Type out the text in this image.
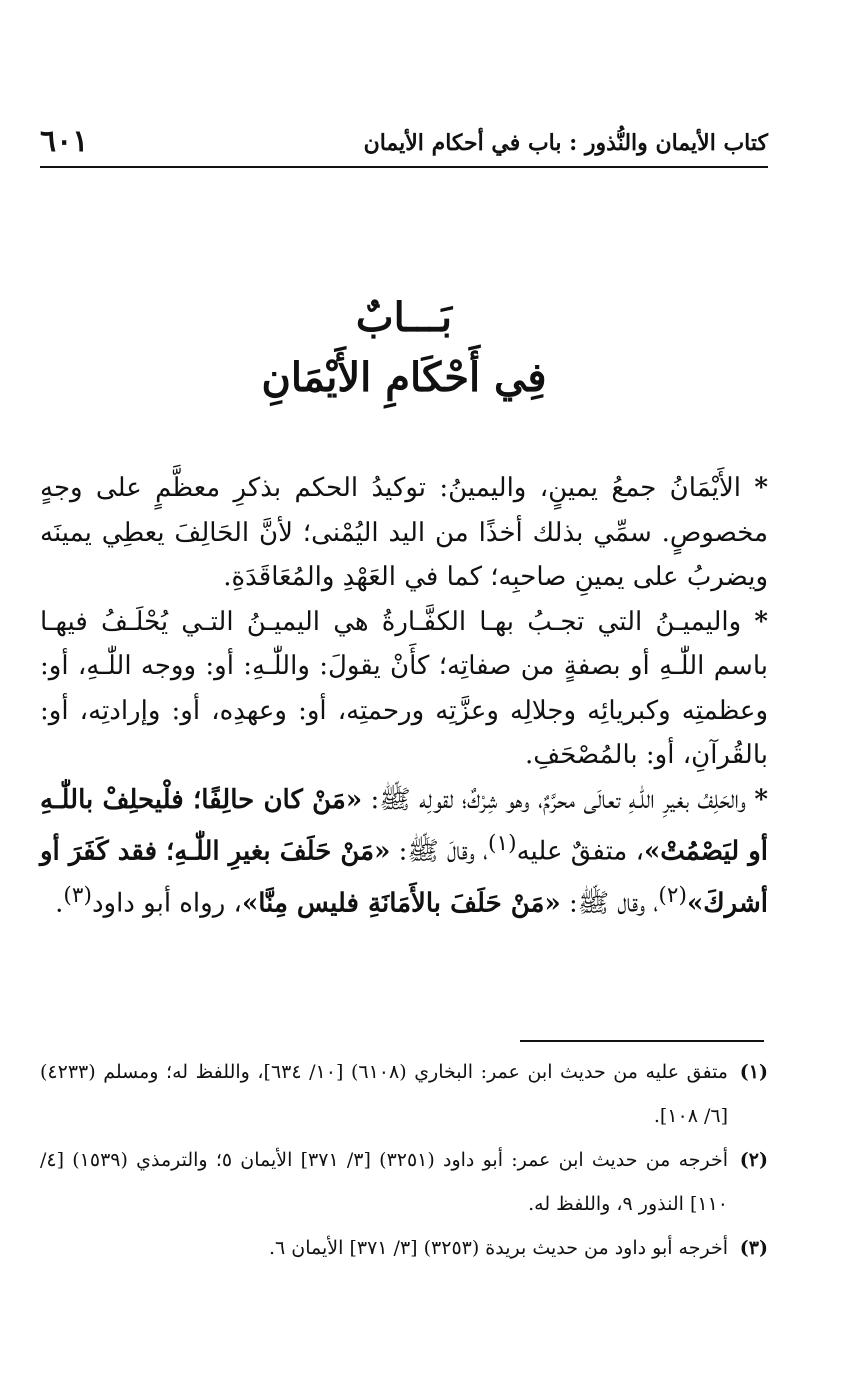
كتاب الأيمان والنُّذور : باب في أحكام الأيمان
٦٠١
بَـــابٌ
فِي أَحْكَامِ الأَيْمَانِ

* الأَيْمَانُ جمعُ يمينٍ، واليمينُ: توكيدُ الحكم بذكرِ معظَّمٍ على وجهٍ مخصوصٍ. سمِّي بذلك أخذًا من اليد اليُمْنى؛ لأنَّ الحَالِفَ يعطِي يمينَه ويضربُ على يمينِ صاحبِه؛ كما في العَهْدِ والمُعَاقَدَةِ.

* واليميـنُ التي تجـبُ بهـا الكفَّـارةُ هي اليميـنُ التـي يُحْلَـفُ فيهـا باسم اللّٰـهِ أو بصفةٍ من صفاتِه؛ كأَنْ يقولَ: واللّٰـهِ: أو: ووجه اللّٰـهِ، أو: وعظمتِه وكبريائِه وجلالِه وعزَّتِه ورحمتِه، أو: وعهدِه، أو: وإرادتِه، أو: بالقُرآنِ، أو: بالمُصْحَفِ.

* والحَلِفُ بغيرِ اللّٰـهِ تعالَى محرَّمٌ، وهو شِرْكٌ؛ لقولِه ﷺ: «مَنْ كان حالِفًا؛ فلْيحلِفْ باللّٰـهِ أو ليَصْمُتْ»، متفقٌ عليه$^{(١)}$، وقالَ ﷺ: «مَنْ حَلَفَ بغيرِ اللّٰـهِ؛ فقد كَفَرَ أو أشركَ»$^{(٢)}$، وقال ﷺ: «مَنْ حَلَفَ بالأَمَانَةِ فليس مِنَّا»، رواه أبو داود$^{(٣)}$.

(١)
متفق عليه من حديث ابن عمر: البخاري (٦١٠٨) [١٠/ ٦٣٤]، واللفظ له؛ ومسلم (٤٢٣٣) [٦/ ١٠٨].
(٢)
أخرجه من حديث ابن عمر: أبو داود (٣٢٥١) [٣/ ٣٧١] الأيمان ٥؛ والترمذي (١٥٣٩) [٤/ ١١٠] النذور ٩، واللفظ له.
(٣)
أخرجه أبو داود من حديث بريدة (٣٢٥٣) [٣/ ٣٧١] الأيمان ٦.
